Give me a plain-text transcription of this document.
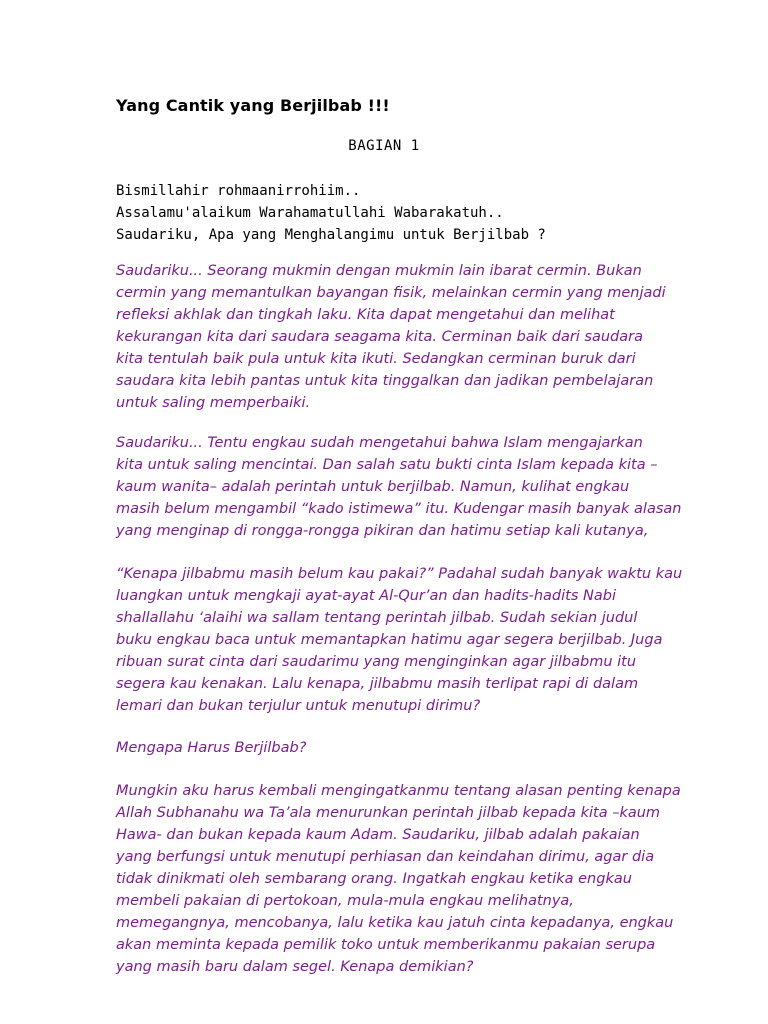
Yang Cantik yang Berjilbab !!!
BAGIAN 1
Bismillahir rohmaanirrohiim..
Assalamu'alaikum Warahamatullahi Wabarakatuh..
Saudariku, Apa yang Menghalangimu untuk Berjilbab ?
Saudariku... Seorang mukmin dengan mukmin lain ibarat cermin. Bukan
cermin yang memantulkan bayangan fisik, melainkan cermin yang menjadi
refleksi akhlak dan tingkah laku. Kita dapat mengetahui dan melihat
kekurangan kita dari saudara seagama kita. Cerminan baik dari saudara
kita tentulah baik pula untuk kita ikuti. Sedangkan cerminan buruk dari
saudara kita lebih pantas untuk kita tinggalkan dan jadikan pembelajaran
untuk saling memperbaiki.
Saudariku... Tentu engkau sudah mengetahui bahwa Islam mengajarkan
kita untuk saling mencintai. Dan salah satu bukti cinta Islam kepada kita –
kaum wanita– adalah perintah untuk berjilbab. Namun, kulihat engkau
masih belum mengambil “kado istimewa” itu. Kudengar masih banyak alasan
yang menginap di rongga-rongga pikiran dan hatimu setiap kali kutanya,
“Kenapa jilbabmu masih belum kau pakai?” Padahal sudah banyak waktu kau
luangkan untuk mengkaji ayat-ayat Al-Qur’an dan hadits-hadits Nabi
shallallahu ‘alaihi wa sallam tentang perintah jilbab. Sudah sekian judul
buku engkau baca untuk memantapkan hatimu agar segera berjilbab. Juga
ribuan surat cinta dari saudarimu yang menginginkan agar jilbabmu itu
segera kau kenakan. Lalu kenapa, jilbabmu masih terlipat rapi di dalam
lemari dan bukan terjulur untuk menutupi dirimu?
Mengapa Harus Berjilbab?
Mungkin aku harus kembali mengingatkanmu tentang alasan penting kenapa
Allah Subhanahu wa Ta’ala menurunkan perintah jilbab kepada kita –kaum
Hawa- dan bukan kepada kaum Adam. Saudariku, jilbab adalah pakaian
yang berfungsi untuk menutupi perhiasan dan keindahan dirimu, agar dia
tidak dinikmati oleh sembarang orang. Ingatkah engkau ketika engkau
membeli pakaian di pertokoan, mula-mula engkau melihatnya,
memegangnya, mencobanya, lalu ketika kau jatuh cinta kepadanya, engkau
akan meminta kepada pemilik toko untuk memberikanmu pakaian serupa
yang masih baru dalam segel. Kenapa demikian?
